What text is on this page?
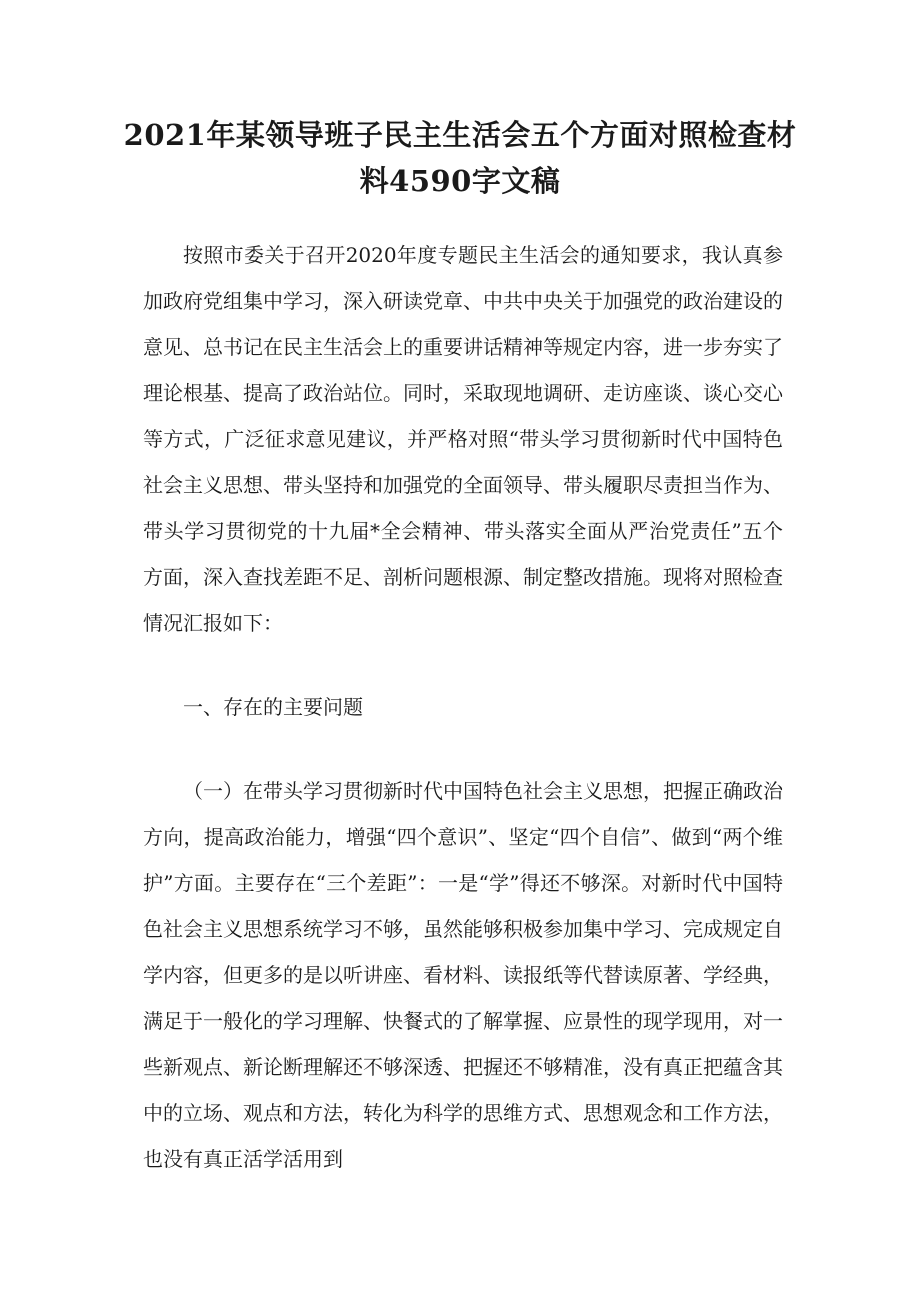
2021年某领导班子民主生活会五个方面对照检查材
料4590字文稿

按照市委关于召开2020年度专题民主生活会的通知要求，我认真参加政府党组集中学习，深入研读党章、中共中央关于加强党的政治建设的意见、总书记在民主生活会上的重要讲话精神等规定内容，进一步夯实了理论根基、提高了政治站位。同时，采取现地调研、走访座谈、谈心交心等方式，广泛征求意见建议，并严格对照“带头学习贯彻新时代中国特色社会主义思想、带头坚持和加强党的全面领导、带头履职尽责担当作为、带头学习贯彻党的十九届*全会精神、带头落实全面从严治党责任”五个方面，深入查找差距不足、剖析问题根源、制定整改措施。现将对照检查情况汇报如下：

一、存在的主要问题

（一）在带头学习贯彻新时代中国特色社会主义思想，把握正确政治方向，提高政治能力，增强“四个意识”、坚定“四个自信”、做到“两个维护”方面。主要存在“三个差距”：一是“学”得还不够深。对新时代中国特色社会主义思想系统学习不够，虽然能够积极参加集中学习、完成规定自学内容，但更多的是以听讲座、看材料、读报纸等代替读原著、学经典，满足于一般化的学习理解、快餐式的了解掌握、应景性的现学现用，对一些新观点、新论断理解还不够深透、把握还不够精准，没有真正把蕴含其中的立场、观点和方法，转化为科学的思维方式、思想观念和工作方法，也没有真正活学活用到
